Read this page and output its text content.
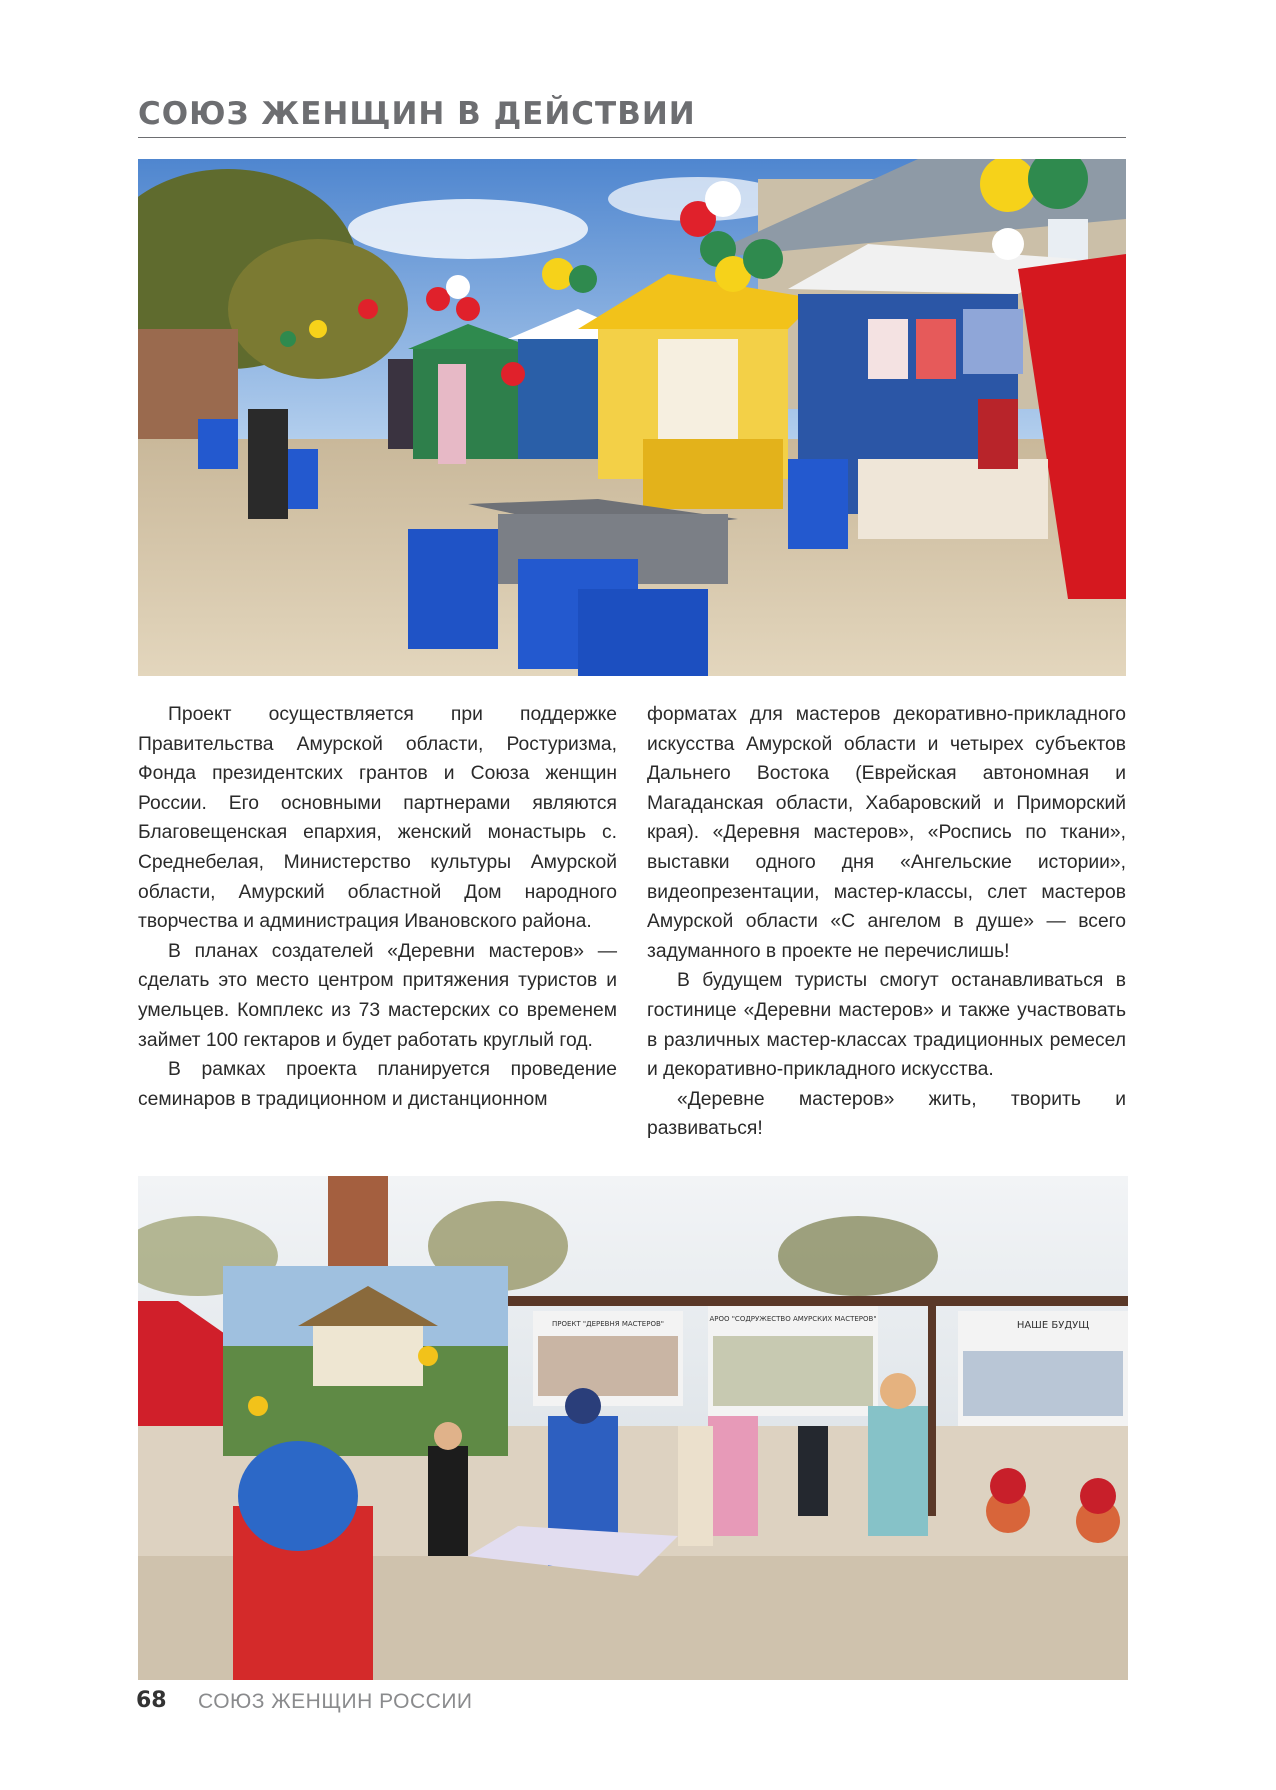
СОЮЗ ЖЕНЩИН В ДЕЙСТВИИ

Проект осуществляется при поддержке Правительства Амурской области, Ростуризма, Фонда президентских грантов и Союза женщин России. Его основными партнерами являются Благовещенская епархия, женский монастырь с. Среднебелая, Министерство культуры Амурской области, Амурский областной Дом народного творчества и администрация Ивановского района.

В планах создателей «Деревни мастеров» — сделать это место центром притяжения туристов и умельцев. Комплекс из 73 мастерских со временем займет 100 гектаров и будет работать круглый год.

В рамках проекта планируется проведение семинаров в традиционном и дистанционном

форматах для мастеров декоративно-прикладного искусства Амурской области и четырех субъектов Дальнего Востока (Еврейская автономная и Магаданская области, Хабаровский и Приморский края). «Деревня мастеров», «Роспись по ткани», выставки одного дня «Ангельские истории», видеопрезентации, мастер-классы, слет мастеров Амурской области «С ангелом в душе» — всего задуманного в проекте не перечислишь!

В будущем туристы смогут останавливаться в гостинице «Деревни мастеров» и также участвовать в различных мастер-классах традиционных ремесел и декоративно-прикладного искусства.

«Деревне мастеров» жить, творить и развиваться!

ПРОЕКТ "ДЕРЕВНЯ МАСТЕРОВ"
АРОО "СОДРУЖЕСТВО АМУРСКИХ МАСТЕРОВ"
НАШЕ БУДУЩ
68 СОЮЗ ЖЕНЩИН РОССИИ
